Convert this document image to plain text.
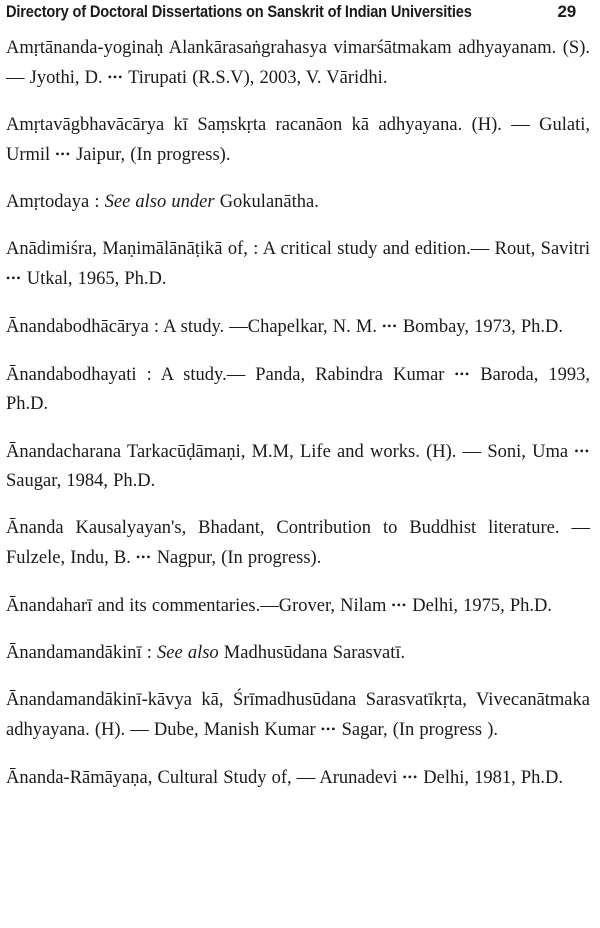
Directory of Doctoral Dissertations on Sanskrit of Indian Universities	29

Amṛtānanda-yoginaḥ Alankārasaṅgrahasya vimarśātmakam adhyayanam. (S). — Jyothi, D. ••• Tirupati (R.S.V), 2003, V. Vāridhi.

Amṛtavāgbhavācārya kī Saṃskṛta racanāon kā adhyayana. (H). — Gulati, Urmil ••• Jaipur, (In progress).

Amṛtodaya : See also under Gokulanātha.

Anādimiśra, Maṇimālānāṭikā of, : A critical study and edition.— Rout, Savitri ••• Utkal, 1965, Ph.D.

Ānandabodhācārya : A study. —Chapelkar, N. M. ••• Bombay, 1973, Ph.D.

Ānandabodhayati : A study.— Panda, Rabindra Kumar ••• Baroda, 1993, Ph.D.

Ānandacharana Tarkacūḍāmaṇi, M.M, Life and works. (H). — Soni, Uma ••• Saugar, 1984, Ph.D.

Ānanda Kausalyayan's, Bhadant, Contribution to Buddhist literature. — Fulzele, Indu, B. ••• Nagpur, (In progress).

Ānandaharī and its commentaries.—Grover, Nilam ••• Delhi, 1975, Ph.D.

Ānandamandākinī : See also Madhusūdana Sarasvatī.

Ānandamandākinī-kāvya kā, Śrīmadhusūdana Sarasvatīkṛta, Vivecanātmaka adhyayana. (H). — Dube, Manish Kumar ••• Sagar, (In progress ).

Ānanda-Rāmāyaṇa, Cultural Study of, — Arunadevi ••• Delhi, 1981, Ph.D.
